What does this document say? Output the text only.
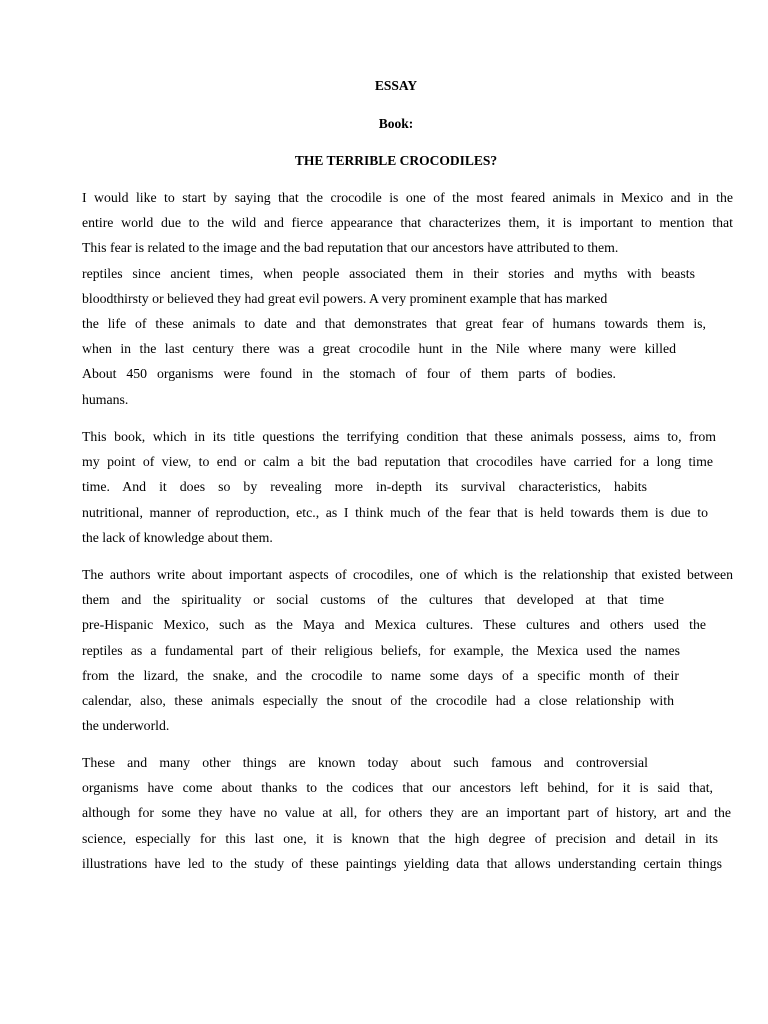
ESSAY
Book:
THE TERRIBLE CROCODILES?
I would like to start by saying that the crocodile is one of the most feared animals in Mexico and in the
entire world due to the wild and fierce appearance that characterizes them, it is important to mention that
This fear is related to the image and the bad reputation that our ancestors have attributed to them.
reptiles since ancient times, when people associated them in their stories and myths with beasts
bloodthirsty or believed they had great evil powers. A very prominent example that has marked
the life of these animals to date and that demonstrates that great fear of humans towards them is,
when in the last century there was a great crocodile hunt in the Nile where many were killed
About 450 organisms were found in the stomach of four of them parts of bodies.
humans.
This book, which in its title questions the terrifying condition that these animals possess, aims to, from
my point of view, to end or calm a bit the bad reputation that crocodiles have carried for a long time
time. And it does so by revealing more in-depth its survival characteristics, habits
nutritional, manner of reproduction, etc., as I think much of the fear that is held towards them is due to
the lack of knowledge about them.
The authors write about important aspects of crocodiles, one of which is the relationship that existed between
them and the spirituality or social customs of the cultures that developed at that time
pre-Hispanic Mexico, such as the Maya and Mexica cultures. These cultures and others used the
reptiles as a fundamental part of their religious beliefs, for example, the Mexica used the names
from the lizard, the snake, and the crocodile to name some days of a specific month of their
calendar, also, these animals especially the snout of the crocodile had a close relationship with
the underworld.
These and many other things are known today about such famous and controversial
organisms have come about thanks to the codices that our ancestors left behind, for it is said that,
although for some they have no value at all, for others they are an important part of history, art and the
science, especially for this last one, it is known that the high degree of precision and detail in its
illustrations have led to the study of these paintings yielding data that allows understanding certain things
